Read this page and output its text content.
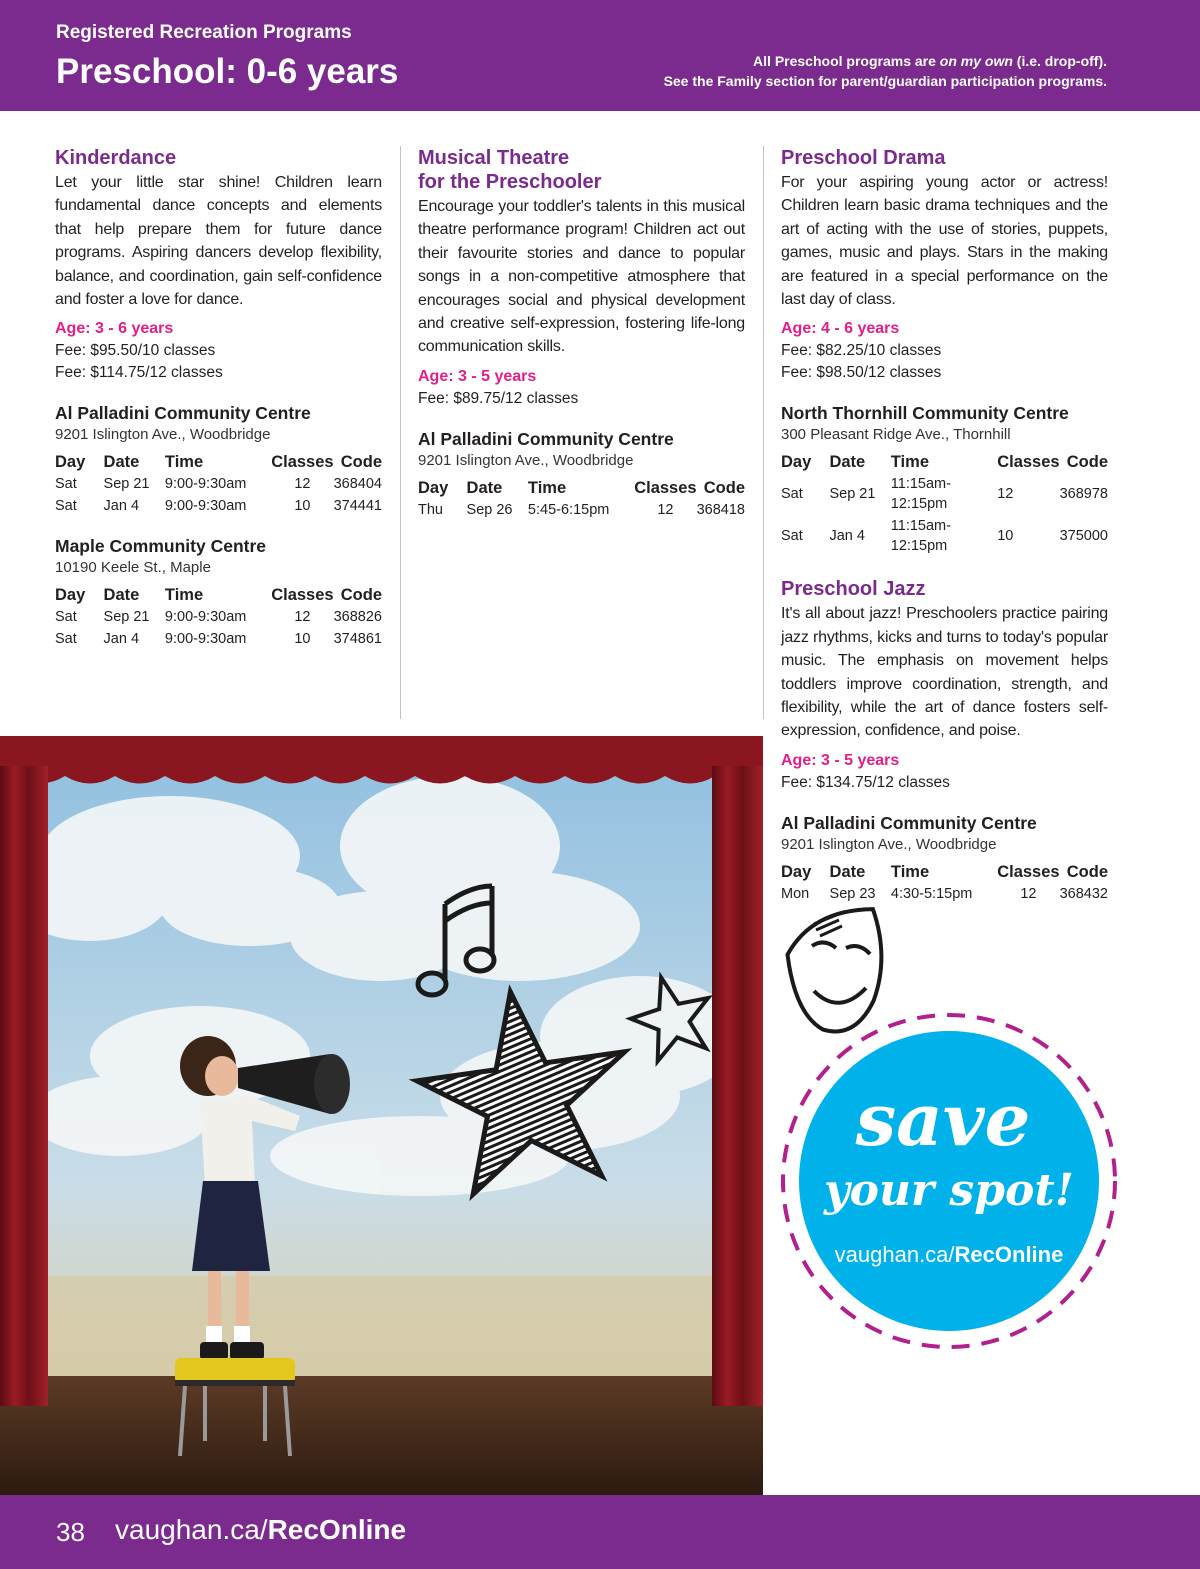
Registered Recreation Programs
Preschool: 0-6 years	All Preschool programs are on my own (i.e. drop-off).
See the Family section for parent/guardian participation programs.
Kinderdance
Let your little star shine! Children learn fundamental dance concepts and elements that help prepare them for future dance programs. Aspiring dancers develop flexibility, balance, and coordination, gain self-confidence and foster a love for dance.
Age: 3 - 6 years
Fee: $95.50/10 classes
Fee: $114.75/12 classes
Al Palladini Community Centre
9201 Islington Ave., Woodbridge
Day	Date	Time	Classes	Code
Sat	Sep 21	9:00-9:30am	12	368404
Sat	Jan 4	9:00-9:30am	10	374441
Maple Community Centre
10190 Keele St., Maple
Day	Date	Time	Classes	Code
Sat	Sep 21	9:00-9:30am	12	368826
Sat	Jan 4	9:00-9:30am	10	374861
Musical Theatre
for the Preschooler
Encourage your toddler's talents in this musical theatre performance program! Children act out their favourite stories and dance to popular songs in a non-competitive atmosphere that encourages social and physical development and creative self-expression, fostering life-long communication skills.
Age: 3 - 5 years
Fee: $89.75/12 classes
Al Palladini Community Centre
9201 Islington Ave., Woodbridge
Day	Date	Time	Classes	Code
Thu	Sep 26	5:45-6:15pm	12	368418
Preschool Drama
For your aspiring young actor or actress! Children learn basic drama techniques and the art of acting with the use of stories, puppets, games, music and plays. Stars in the making are featured in a special performance on the last day of class.
Age: 4 - 6 years
Fee: $82.25/10 classes
Fee: $98.50/12 classes
North Thornhill Community Centre
300 Pleasant Ridge Ave., Thornhill
Day	Date	Time	Classes	Code
Sat	Sep 21	11:15am-12:15pm	12	368978
Sat	Jan 4	11:15am-12:15pm	10	375000
Preschool Jazz
It's all about jazz! Preschoolers practice pairing jazz rhythms, kicks and turns to today's popular music. The emphasis on movement helps toddlers improve coordination, strength, and flexibility, while the art of dance fosters self-expression, confidence, and poise.
Age: 3 - 5 years
Fee: $134.75/12 classes
Al Palladini Community Centre
9201 Islington Ave., Woodbridge
Day	Date	Time	Classes	Code
Mon	Sep 23	4:30-5:15pm	12	368432
save
your spot!
vaughan.ca/RecOnline
38 vaughan.ca/RecOnline
